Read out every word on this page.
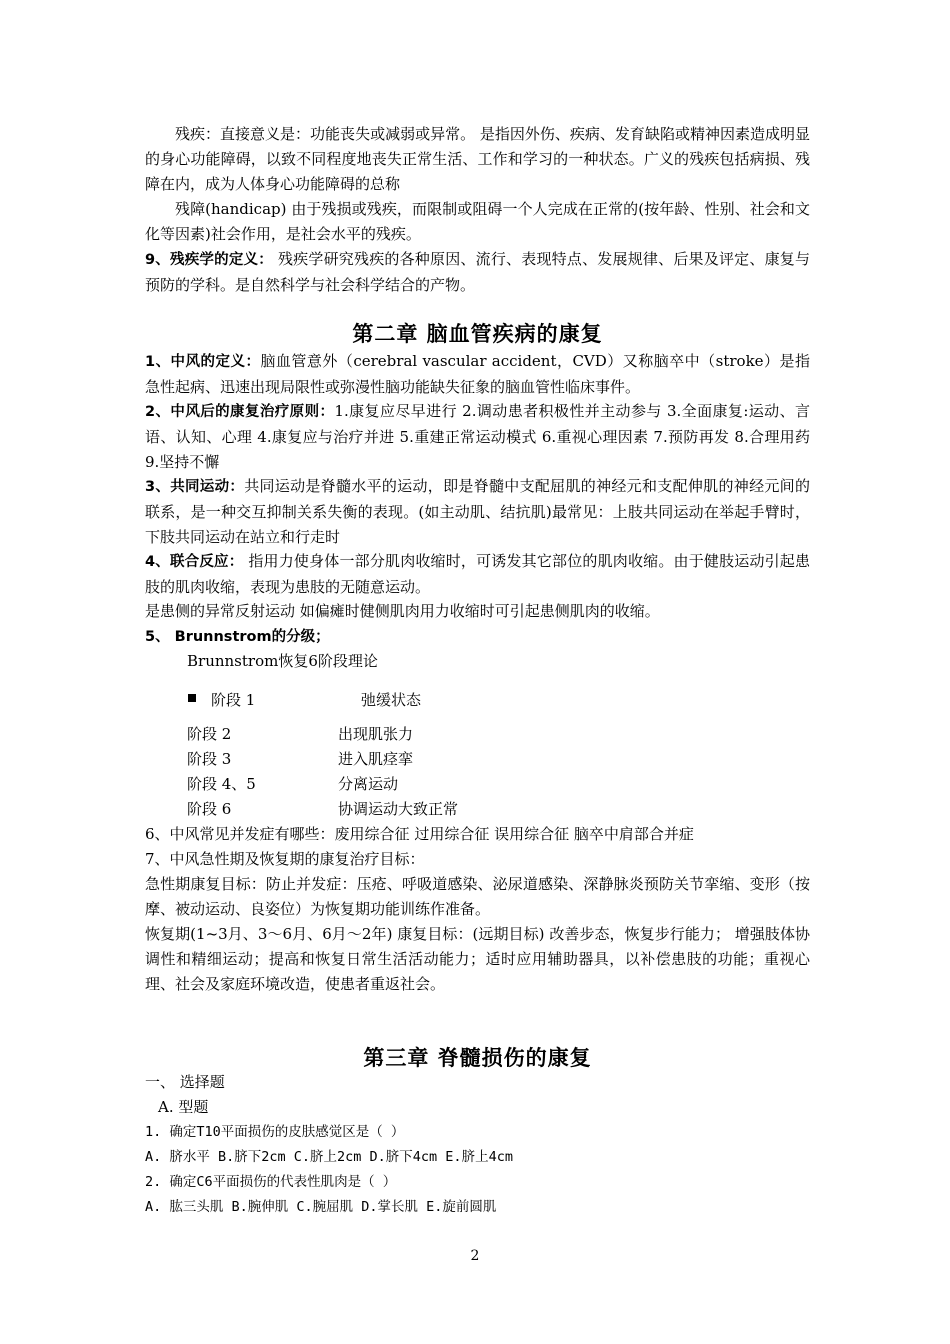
残疾：直接意义是：功能丧失或减弱或异常。 是指因外伤、疾病、发育缺陷或精神因素造成明显的身心功能障碍，以致不同程度地丧失正常生活、工作和学习的一种状态。广义的残疾包括病损、残障在内，成为人体身心功能障碍的总称

残障(handicap) 由于残损或残疾，而限制或阻碍一个人完成在正常的(按年龄、性别、社会和文化等因素)社会作用，是社会水平的残疾。

9、残疾学的定义： 残疾学研究残疾的各种原因、流行、表现特点、发展规律、后果及评定、康复与预防的学科。是自然科学与社会科学结合的产物。

第二章 脑血管疾病的康复

1、中风的定义：脑血管意外（cerebral vascular accident，CVD）又称脑卒中（stroke）是指急性起病、迅速出现局限性或弥漫性脑功能缺失征象的脑血管性临床事件。

2、中风后的康复治疗原则：1.康复应尽早进行 2.调动患者积极性并主动参与 3.全面康复:运动、言语、认知、心理 4.康复应与治疗并进 5.重建正常运动模式 6.重视心理因素 7.预防再发 8.合理用药 9.坚持不懈

3、共同运动：共同运动是脊髓水平的运动，即是脊髓中支配屈肌的神经元和支配伸肌的神经元间的联系，是一种交互抑制关系失衡的表现。(如主动肌、结抗肌)最常见：上肢共同运动在举起手臂时，下肢共同运动在站立和行走时

4、联合反应： 指用力使身体一部分肌肉收缩时，可诱发其它部位的肌肉收缩。由于健肢运动引起患肢的肌肉收缩，表现为患肢的无随意运动。

是患侧的异常反射运动 如偏瘫时健侧肌肉用力收缩时可引起患侧肌肉的收缩。

5、 Brunnstrom的分级；

Brunnstrom恢复6阶段理论

阶段 1	弛缓状态
阶段 2	出现肌张力
阶段 3	进入肌痉挛
阶段 4、5	分离运动
阶段 6	协调运动大致正常

6、中风常见并发症有哪些：废用综合征 过用综合征 误用综合征 脑卒中肩部合并症

7、中风急性期及恢复期的康复治疗目标：

急性期康复目标：防止并发症：压疮、呼吸道感染、泌尿道感染、深静脉炎预防关节挛缩、变形（按摩、被动运动、良姿位）为恢复期功能训练作准备。

恢复期(1~3月、3～6月、6月～2年) 康复目标：(远期目标) 改善步态，恢复步行能力； 增强肢体协调性和精细运动；提高和恢复日常生活活动能力；适时应用辅助器具，以补偿患肢的功能；重视心理、社会及家庭环境改造，使患者重返社会。

第三章 脊髓损伤的康复

一、 选择题

A. 型题

1. 确定T10平面损伤的皮肤感觉区是（ ）

A. 脐水平 B.脐下2cm C.脐上2cm D.脐下4cm E.脐上4cm

2. 确定C6平面损伤的代表性肌肉是（ ）

A. 肱三头肌 B.腕伸肌 C.腕屈肌 D.掌长肌 E.旋前圆肌

2
